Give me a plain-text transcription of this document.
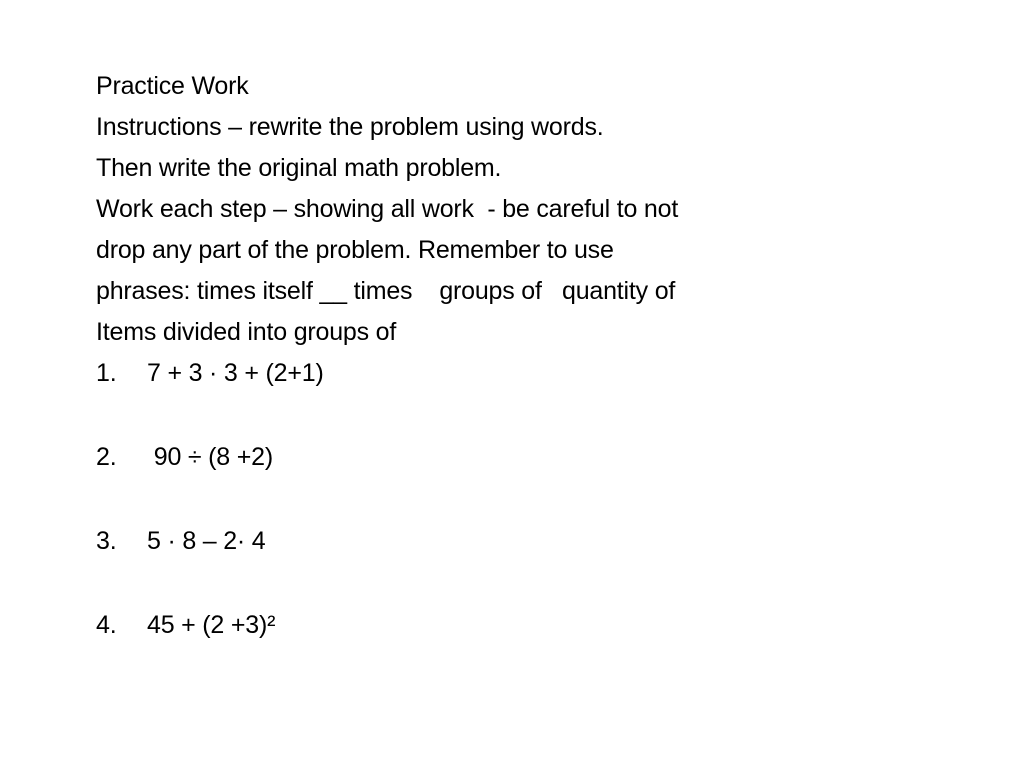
Practice Work
Instructions – rewrite the problem using words.
Then write the original math problem.
Work each step – showing all work  - be careful to not
drop any part of the problem. Remember to use
phrases: times itself __ times    groups of   quantity of
Items divided into groups of
1.	7 + 3 · 3 + (2+1)
2.	90 ÷ (8 +2)
3.	5 · 8 – 2· 4
4.	45 + (2 +3)²
